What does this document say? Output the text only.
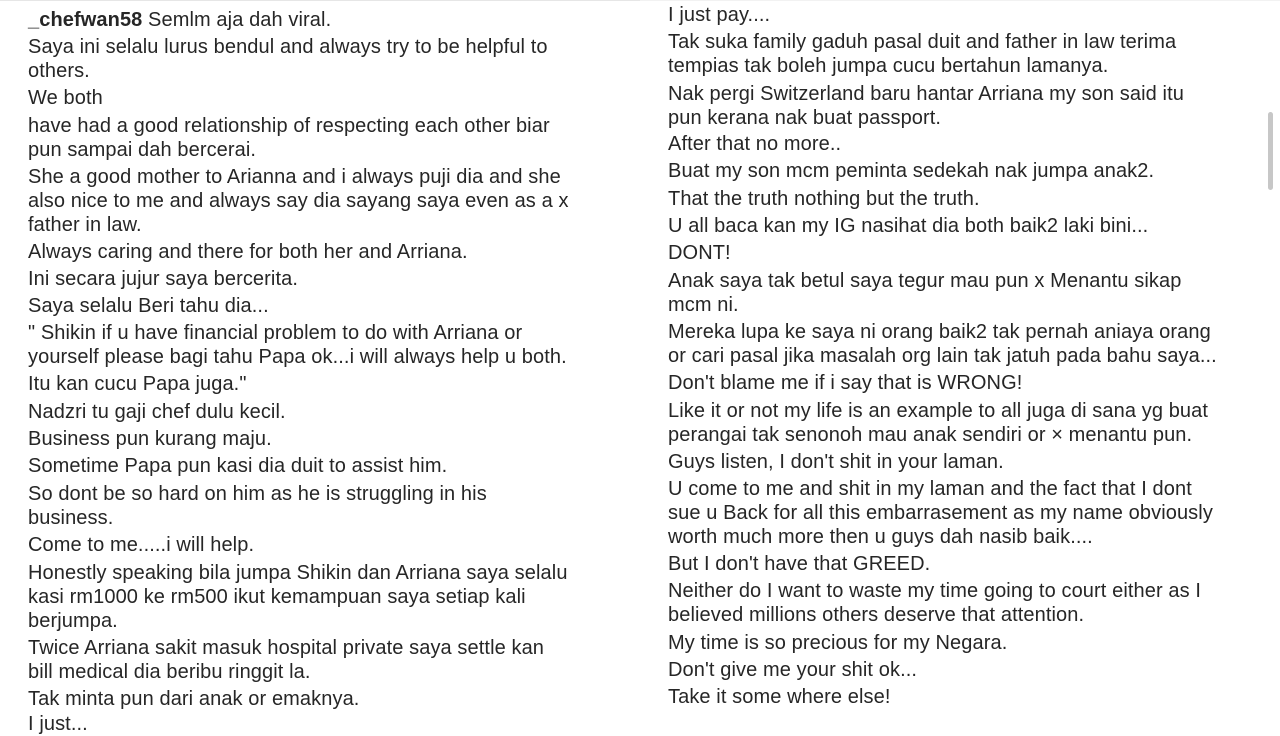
_chefwan58 Semlm aja dah viral.
Saya ini selalu lurus bendul and always try to be helpful to
others.
We both
have had a good relationship of respecting each other biar
pun sampai dah bercerai.
She a good mother to Arianna and i always puji dia and she
also nice to me and always say dia sayang saya even as a x
father in law.
Always caring and there for both her and Arriana.
Ini secara jujur saya bercerita.
Saya selalu Beri tahu dia...
" Shikin if u have financial problem to do with Arriana or
yourself please bagi tahu Papa ok...i will always help u both.
Itu kan cucu Papa juga."
Nadzri tu gaji chef dulu kecil.
Business pun kurang maju.
Sometime Papa pun kasi dia duit to assist him.
So dont be so hard on him as he is struggling in his
business.
Come to me.....i will help.
Honestly speaking bila jumpa Shikin dan Arriana saya selalu
kasi rm1000 ke rm500 ikut kemampuan saya setiap kali
berjumpa.
Twice Arriana sakit masuk hospital private saya settle kan
bill medical dia beribu ringgit la.
Tak minta pun dari anak or emaknya.
I just...
I just pay....
Tak suka family gaduh pasal duit and father in law terima
tempias tak boleh jumpa cucu bertahun lamanya.
Nak pergi Switzerland baru hantar Arriana my son said itu
pun kerana nak buat passport.
After that no more..
Buat my son mcm peminta sedekah nak jumpa anak2.
That the truth nothing but the truth.
U all baca kan my IG nasihat dia both baik2 laki bini...
DONT!
Anak saya tak betul saya tegur mau pun x Menantu sikap
mcm ni.
Mereka lupa ke saya ni orang baik2 tak pernah aniaya orang
or cari pasal jika masalah org lain tak jatuh pada bahu saya...
Don't blame me if i say that is WRONG!
Like it or not my life is an example to all juga di sana yg buat
perangai tak senonoh mau anak sendiri or × menantu pun.
Guys listen, I don't shit in your laman.
U come to me and shit in my laman and the fact that I dont
sue u Back for all this embarrasement as my name obviously
worth much more then u guys dah nasib baik....
But I don't have that GREED.
Neither do I want to waste my time going to court either as I
believed millions others deserve that attention.
My time is so precious for my Negara.
Don't give me your shit ok...
Take it some where else!
